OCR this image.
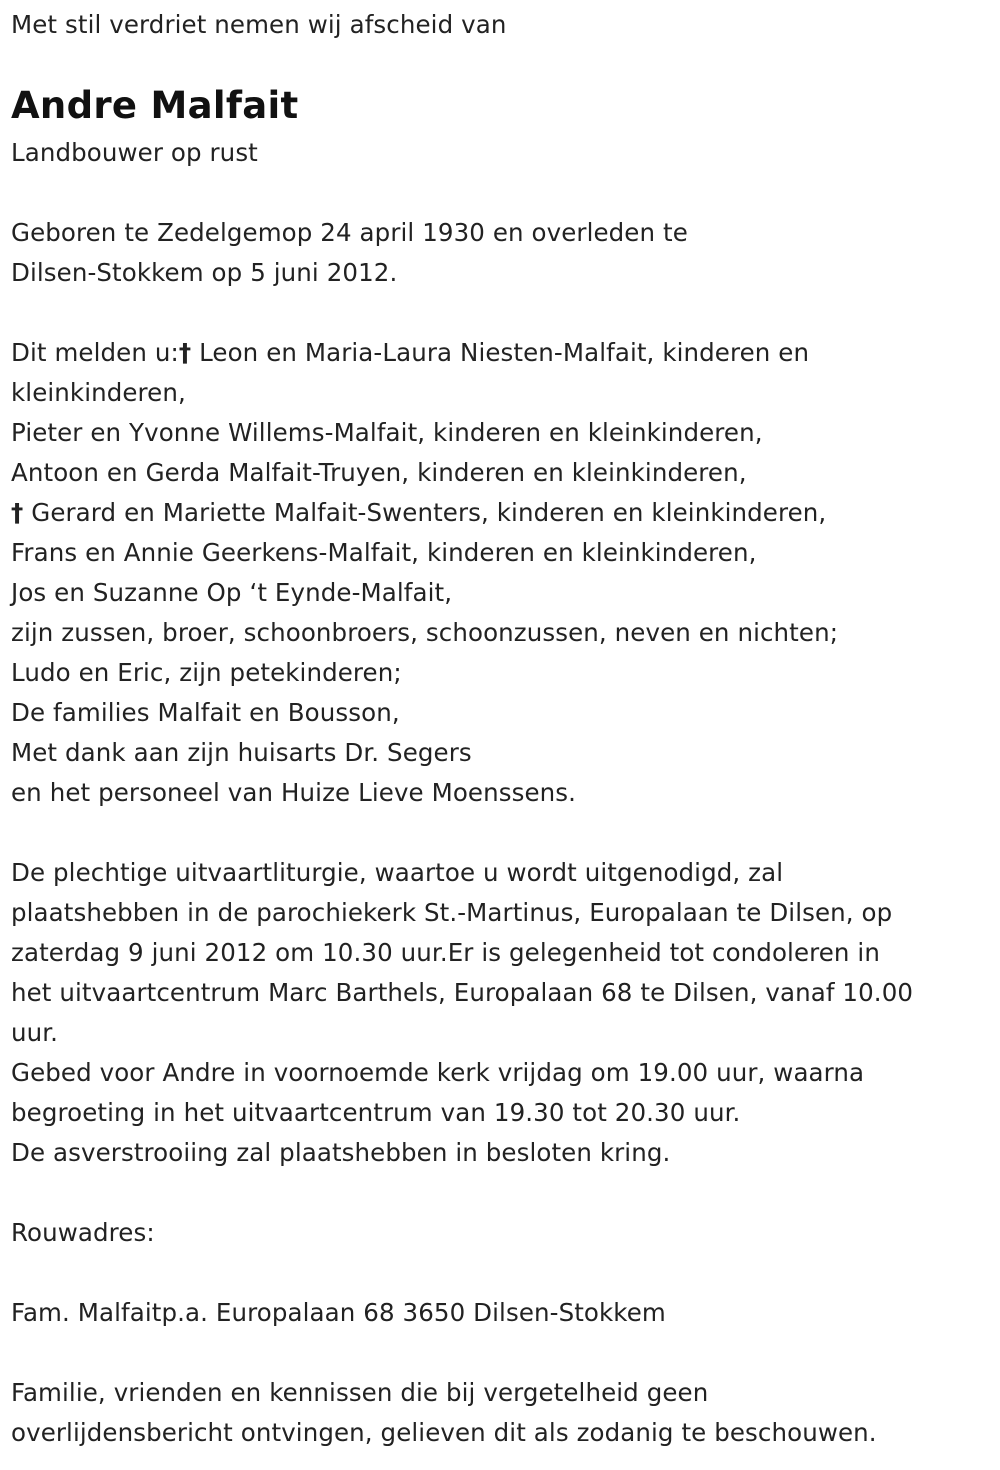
Met stil verdriet nemen wij afscheid van
Andre Malfait
Landbouwer op rust
Geboren te Zedelgemop 24 april 1930 en overleden te
Dilsen-Stokkem op 5 juni 2012.
Dit melden u:† Leon en Maria-Laura Niesten-Malfait, kinderen en
kleinkinderen,
Pieter en Yvonne Willems-Malfait, kinderen en kleinkinderen,
Antoon en Gerda Malfait-Truyen, kinderen en kleinkinderen,
† Gerard en Mariette Malfait-Swenters, kinderen en kleinkinderen,
Frans en Annie Geerkens-Malfait, kinderen en kleinkinderen,
Jos en Suzanne Op ‘t Eynde-Malfait,
zijn zussen, broer, schoonbroers, schoonzussen, neven en nichten;
Ludo en Eric, zijn petekinderen;
De families Malfait en Bousson,
Met dank aan zijn huisarts Dr. Segers
en het personeel van Huize Lieve Moenssens.
De plechtige uitvaartliturgie, waartoe u wordt uitgenodigd, zal
plaatshebben in de parochiekerk St.-Martinus, Europalaan te Dilsen, op
zaterdag 9 juni 2012 om 10.30 uur.Er is gelegenheid tot condoleren in
het uitvaartcentrum Marc Barthels, Europalaan 68 te Dilsen, vanaf 10.00
uur.
Gebed voor Andre in voornoemde kerk vrijdag om 19.00 uur, waarna
begroeting in het uitvaartcentrum van 19.30 tot 20.30 uur.
De asverstrooiing zal plaatshebben in besloten kring.
Rouwadres:
Fam. Malfaitp.a. Europalaan 68 3650 Dilsen-Stokkem
Familie, vrienden en kennissen die bij vergetelheid geen
overlijdensbericht ontvingen, gelieven dit als zodanig te beschouwen.
